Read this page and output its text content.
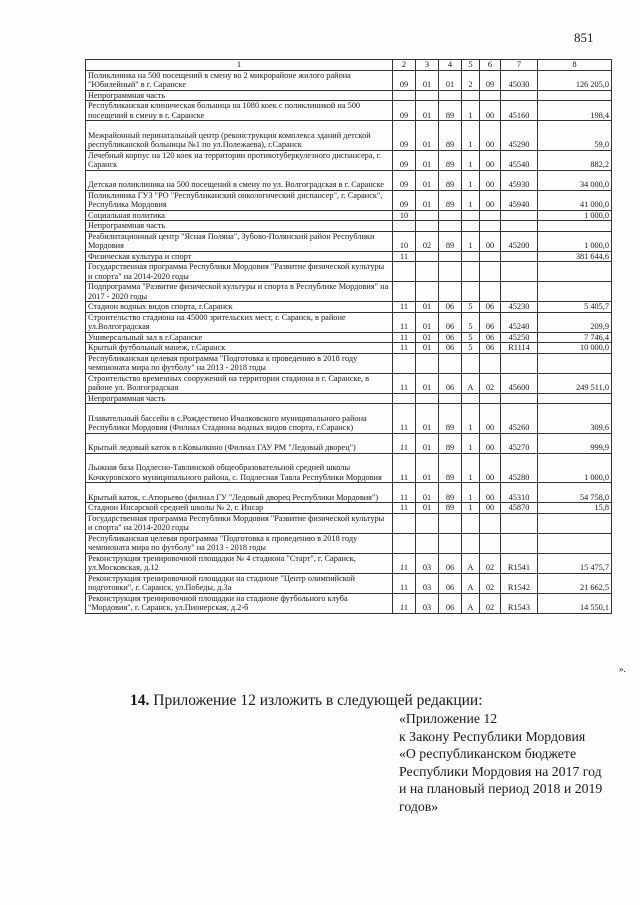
851
1	2	3	4	5	6	7	8
Поликлиника на 500 посещений в смену во 2 микрорайоне жилого района "Юбилейный" в г. Саранске	09	01	01	2	09	45030	126 205,0
Непрограммная часть							
Республиканская клиническая больница на 1080 коек с поликлиникой на 500 посещений в смену в г. Саранске	09	01	89	1	00	45160	198,4
Межрайонный перинатальный центр (реконструкция комплекса зданий детской республиканской больницы №1 по ул.Полежаева), г.Саранск	09	01	89	1	00	45290	59,0
Лечебный корпус на 120 коек на территории противотуберкулезного диспансера, г. Саранск	09	01	89	1	00	45540	882,2
Детская поликлиника на 500 посещений в смену по ул. Волгоградская в г. Саранске	09	01	89	1	00	45930	34 000,0
Поликлиника ГУЗ "РО "Республиканский онкологический диспансер", г. Саранск", Республика Мордовия	09	01	89	1	00	45940	41 000,0
Социальная политика	10						1 000,0
Непрограммная часть							
Реабилитационный центр "Ясная Поляна", Зубово-Полянский район Республики Мордовия	10	02	89	1	00	45200	1 000,0
Физическая культура и спорт	11						381 644,6
Государственная программа Республики Мордовия "Развитие физической культуры и спорта" на 2014-2020 годы							
Подпрограмма "Развитие физической культуры и спорта в Республике Мордовия" на 2017 - 2020 годы							
Стадион водных видов спорта, г.Саранск	11	01	06	5	06	45230	5 405,7
Строительство стадиона на 45000 зрительских мест, г. Саранск, в районе ул.Волгоградская	11	01	06	5	06	45240	209,9
Универсальный зал в г.Саранске	11	01	06	5	06	45250	7 746,4
Крытый футбольный манеж, г.Саранск	11	01	06	5	06	R1114	10 000,0
Республиканская целевая программа "Подготовка к проведению в 2018 году чемпионата мира по футболу" на 2013 - 2018 годы							
Строительство временных сооружений на территории стадиона в г. Саранске, в районе ул. Волгоградская	11	01	06	А	02	45600	249 511,0
Непрограммная часть							
Плавательный бассейн в с.Рождествено Ичалковского муниципального района Республики Мордовия (Филиал Стадиона водных видов спорта, г.Саранск)	11	01	89	1	00	45260	309,6
Крытый ледовый каток в г.Ковылкино (Филиал ГАУ РМ "Ледовый дворец")	11	01	89	1	00	45270	999,9
Лыжная база Подлесно-Тавлинской общеобразовательной средней школы Кочкуровского муниципального района, с. Подлесная Тавла Республики Мордовия	11	01	89	1	00	45280	1 000,0
Крытый каток, с.Атюрьево (филиал ГУ "Ледовый дворец Республики Мордовия")	11	01	89	1	00	45310	54 758,0
Стадион Инсарской средней школы № 2, г. Инсар	11	01	89	1	00	45870	15,8
Государственная программа Республики Мордовия "Развитие физической культуры и спорта" на 2014-2020 годы							
Республиканская целевая программа "Подготовка к проведению в 2018 году чемпионата мира по футболу" на 2013 - 2018 годы							
Реконструкция тренировочной площадки № 4 стадиона "Старт", г. Саранск, ул.Московская, д.12	11	03	06	А	02	R1541	15 475,7
Реконструкция тренировочной площадки на стадионе "Центр олимпийской подготовки", г. Саранск, ул.Победы, д.3а	11	03	06	А	02	R1542	21 662,5
Реконструкция тренировочной площадки на стадионе футбольного клуба "Мордовия", г. Саранск, ул.Пионерская, д.2-б	11	03	06	А	02	R1543	14 550,1
».
14. Приложение 12 изложить в следующей редакции:
«Приложение 12
к Закону Республики Мордовия
«О республиканском бюджете
Республики Мордовия на 2017 год
и на плановый период 2018 и 2019
годов»
